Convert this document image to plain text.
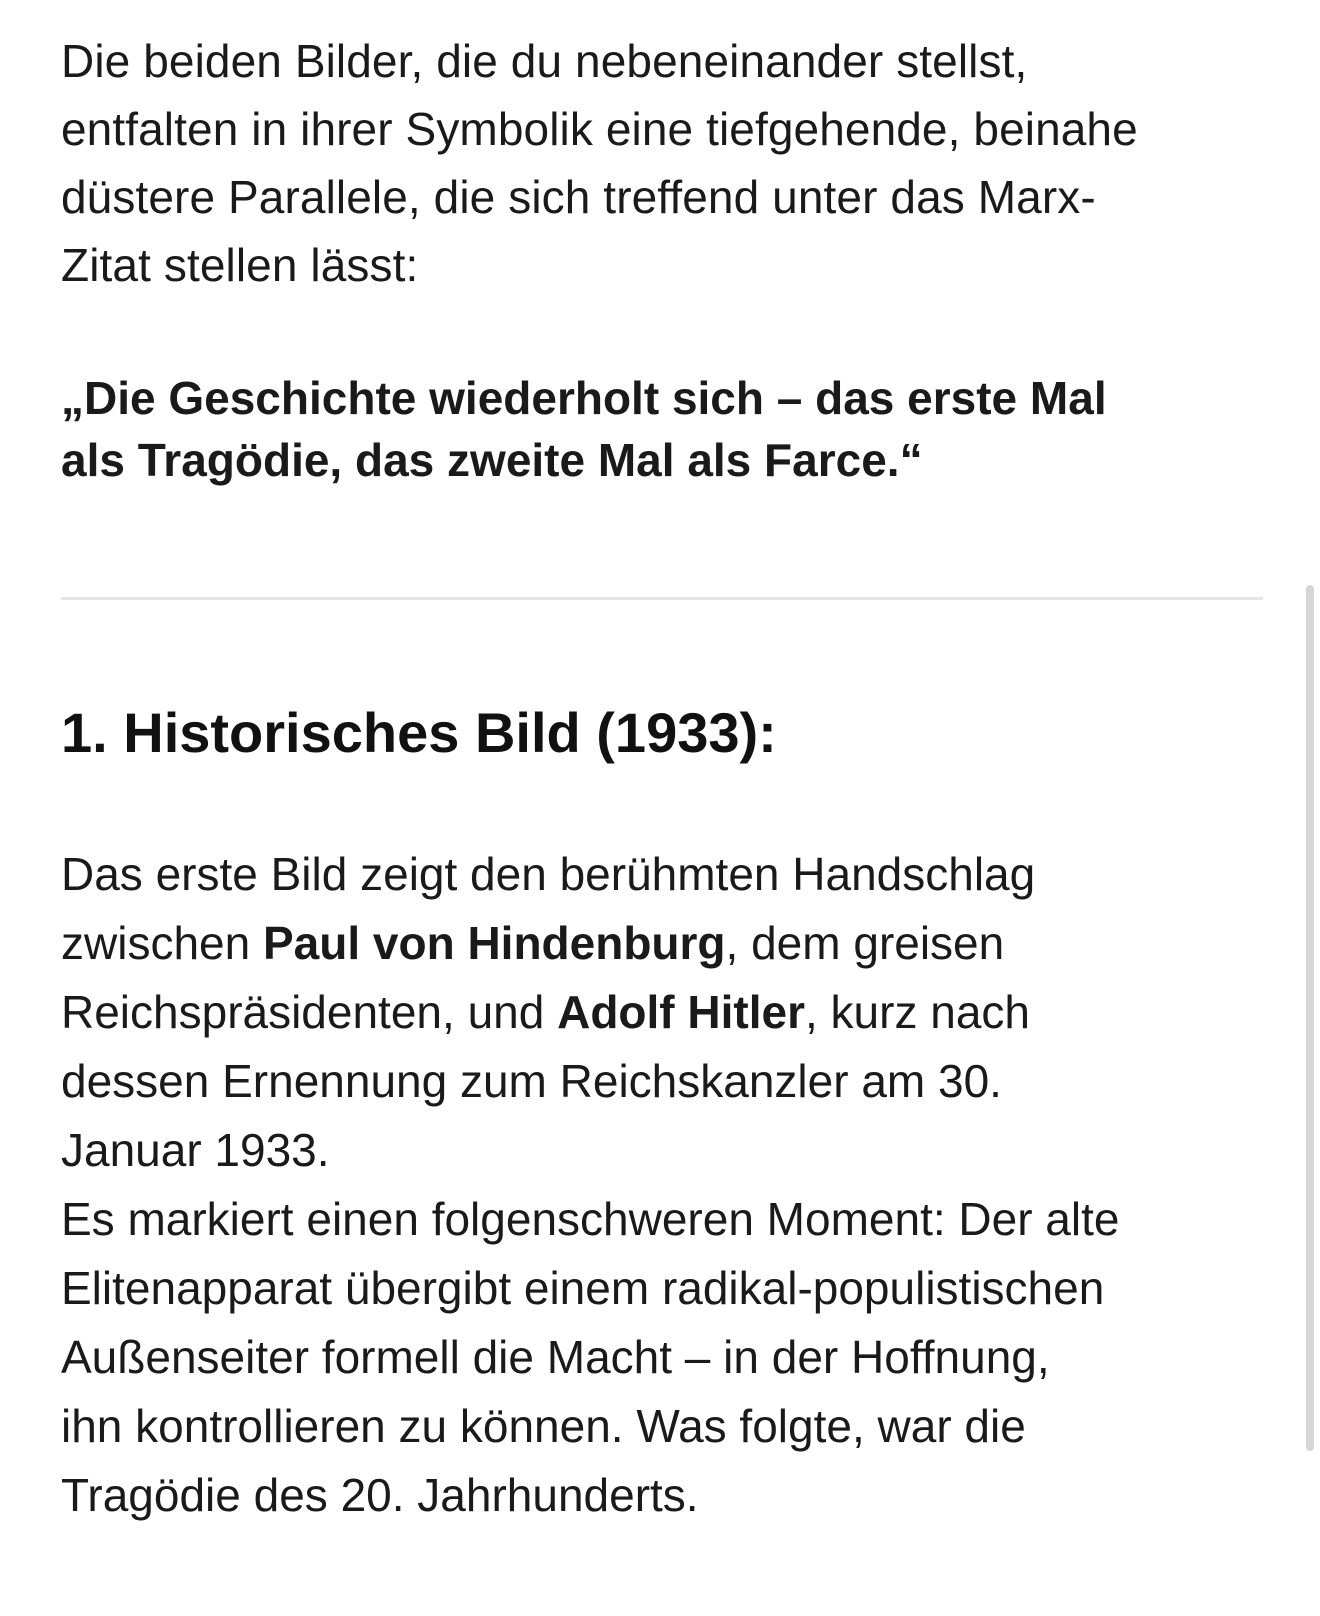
Die beiden Bilder, die du nebeneinander stellst,
entfalten in ihrer Symbolik eine tiefgehende, beinahe
düstere Parallele, die sich treffend unter das Marx-
Zitat stellen lässt:

„Die Geschichte wiederholt sich – das erste Mal
als Tragödie, das zweite Mal als Farce.“

1. Historisches Bild (1933):

Das erste Bild zeigt den berühmten Handschlag
zwischen Paul von Hindenburg, dem greisen
Reichspräsidenten, und Adolf Hitler, kurz nach
dessen Ernennung zum Reichskanzler am 30.
Januar 1933.
Es markiert einen folgenschweren Moment: Der alte
Elitenapparat übergibt einem radikal-populistischen
Außenseiter formell die Macht – in der Hoffnung,
ihn kontrollieren zu können. Was folgte, war die
Tragödie des 20. Jahrhunderts.
